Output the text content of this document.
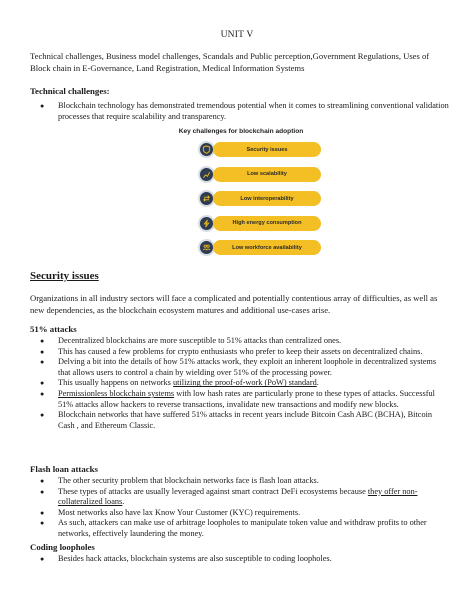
UNIT V
Technical challenges, Business model challenges, Scandals and Public perception,Government Regulations, Uses of Block chain in E-Governance, Land Registration, Medical Information Systems
Technical challenges:
● Blockchain technology has demonstrated tremendous potential when it comes to streamlining conventional validation processes that require scalability and transparency.
Key challenges for blockchain adoption
Security issues
Low scalability
Low interoperability
High energy consumption
Low workforce availability
Security issues
Organizations in all industry sectors will face a complicated and potentially contentious array of difficulties, as well as new dependencies, as the blockchain ecosystem matures and additional use-cases arise.
51% attacks
● Decentralized blockchains are more susceptible to 51% attacks than centralized ones.
● This has caused a few problems for crypto enthusiasts who prefer to keep their assets on decentralized chains.
● Delving a bit into the details of how 51% attacks work, they exploit an inherent loophole in decentralized systems that allows users to control a chain by wielding over 51% of the processing power.
● This usually happens on networks utilizing the proof-of-work (PoW) standard.
● Permissionless blockchain systems with low hash rates are particularly prone to these types of attacks. Successful 51% attacks allow hackers to reverse transactions, invalidate new transactions and modify new blocks.
● Blockchain networks that have suffered 51% attacks in recent years include Bitcoin Cash ABC (BCHA), Bitcoin Cash , and Ethereum Classic.
Flash loan attacks
● The other security problem that blockchain networks face is flash loan attacks.
● These types of attacks are usually leveraged against smart contract DeFi ecosystems because they offer non-collateralized loans.
● Most networks also have lax Know Your Customer (KYC) requirements.
● As such, attackers can make use of arbitrage loopholes to manipulate token value and withdraw profits to other networks, effectively laundering the money.
Coding loopholes
● Besides hack attacks, blockchain systems are also susceptible to coding loopholes.
